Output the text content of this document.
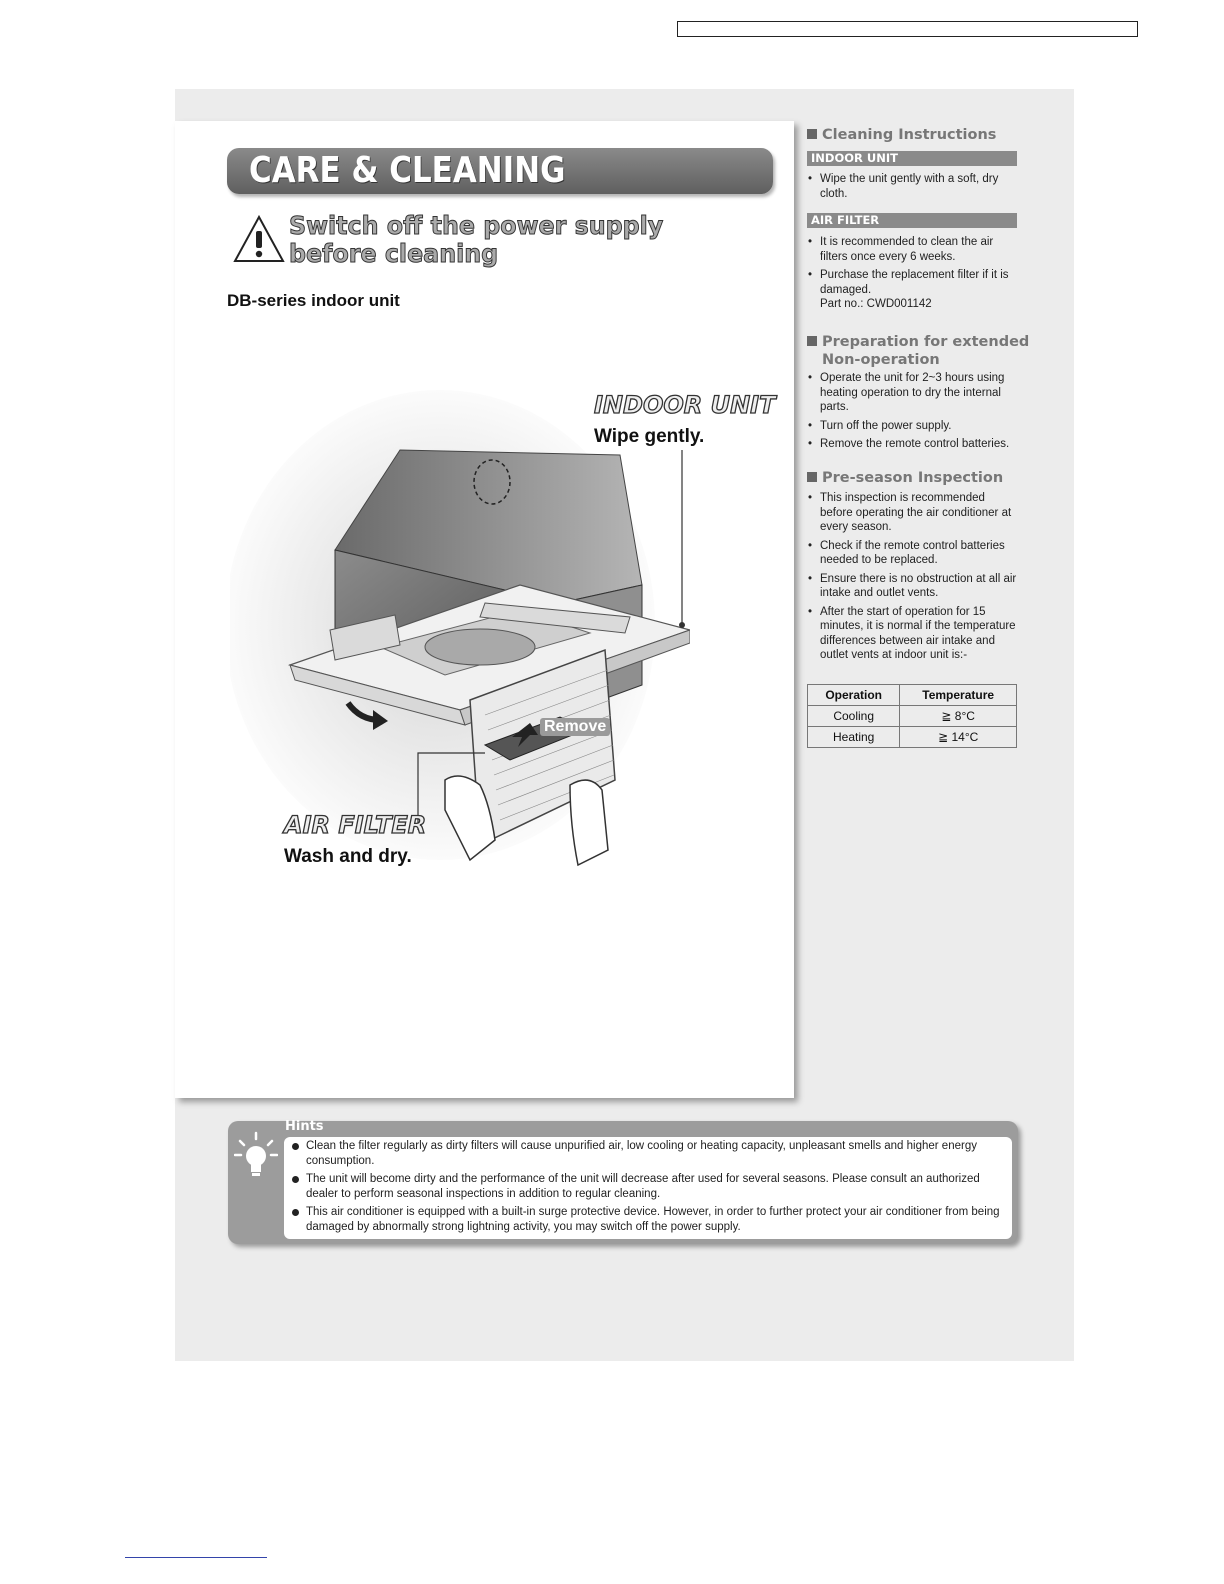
CARE & CLEANING
Switch off the power supply
before cleaning
DB-series indoor unit
INDOOR UNIT
Wipe gently.
Remove
AIR FILTER
Wash and dry.
Cleaning Instructions
INDOOR UNIT
• Wipe the unit gently with a soft, dry cloth.
AIR FILTER
• It is recommended to clean the air filters once every 6 weeks.
• Purchase the replacement filter if it is damaged.
Part no.: CWD001142
Preparation for extended
Non-operation
• Operate the unit for 2~3 hours using heating operation to dry the internal parts.
• Turn off the power supply.
• Remove the remote control batteries.
Pre-season Inspection
• This inspection is recommended before operating the air conditioner at every season.
• Check if the remote control batteries needed to be replaced.
• Ensure there is no obstruction at all air intake and outlet vents.
• After the start of operation for 15 minutes, it is normal if the temperature differences between air intake and outlet vents at indoor unit is:-
Operation	Temperature
Cooling	≧ 8°C
Heating	≧ 14°C
Hints
Clean the filter regularly as dirty filters will cause unpurified air, low cooling or heating capacity, unpleasant smells and higher energy consumption.
The unit will become dirty and the performance of the unit will decrease after used for several seasons. Please consult an authorized dealer to perform seasonal inspections in addition to regular cleaning.
This air conditioner is equipped with a built-in surge protective device. However, in order to further protect your air conditioner from being damaged by abnormally strong lightning activity, you may switch off the power supply.
